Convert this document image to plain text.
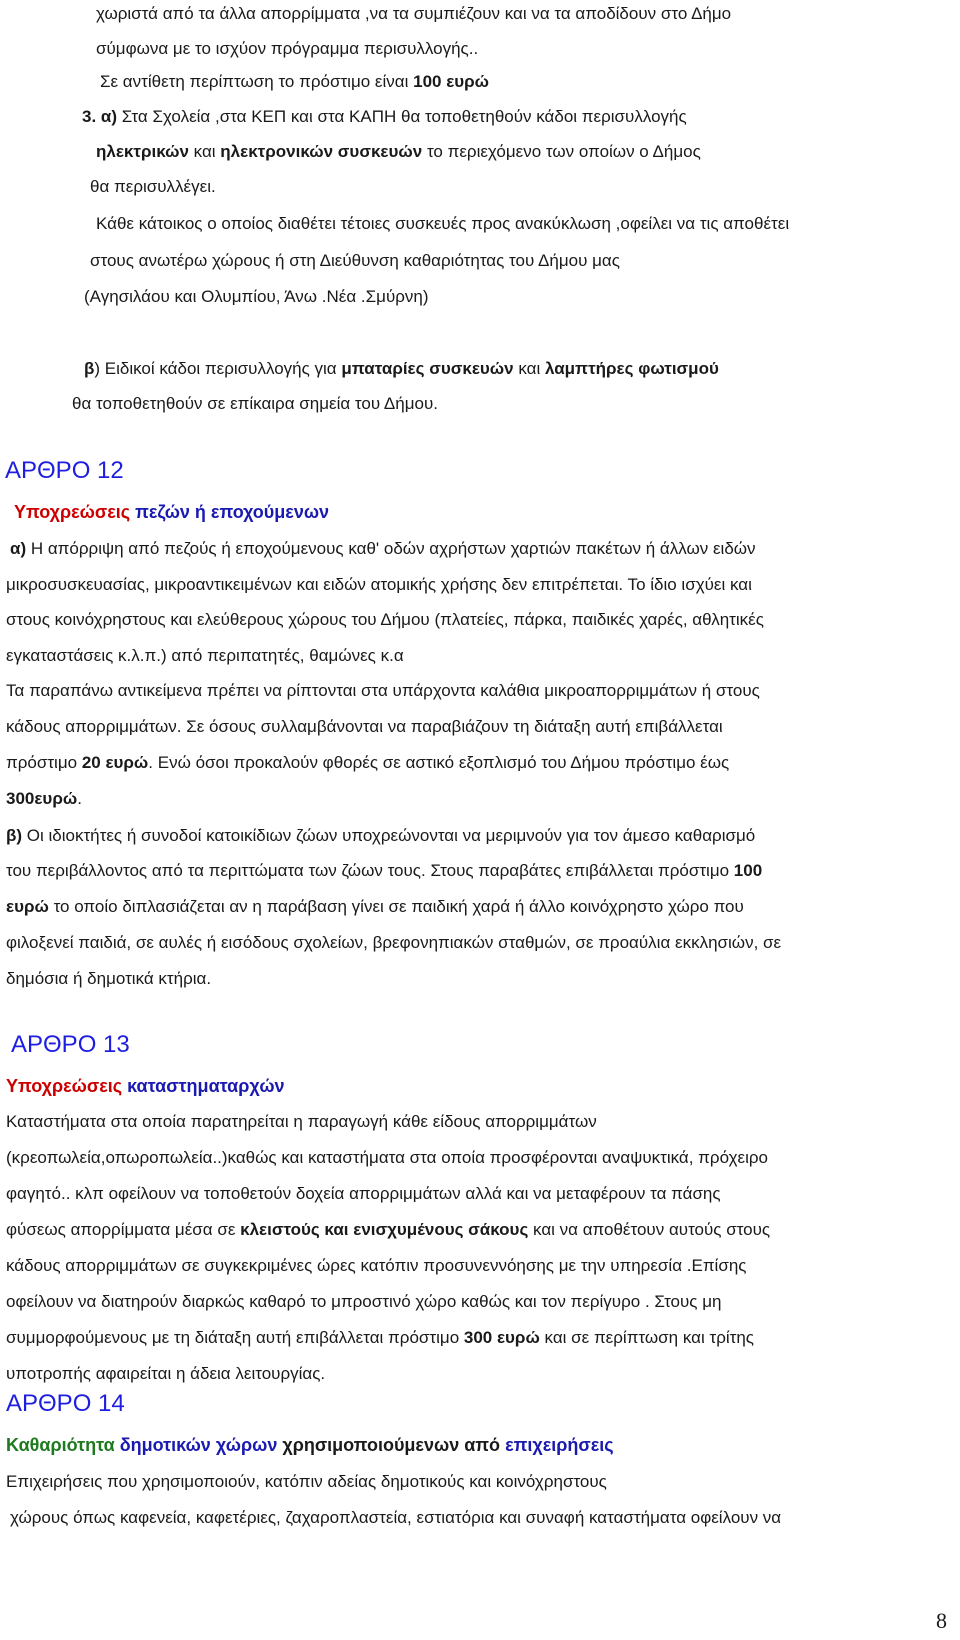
χωριστά από τα άλλα απορρίμματα ,να τα συμπιέζουν και να τα αποδίδουν στο Δήμο
σύμφωνα με το ισχύον πρόγραμμα περισυλλογής..
Σε αντίθετη περίπτωση το πρόστιμο είναι 100 ευρώ
3. α) Στα Σχολεία ,στα ΚΕΠ και στα ΚΑΠΗ θα τοποθετηθούν κάδοι περισυλλογής
ηλεκτρικών και ηλεκτρονικών συσκευών το περιεχόμενο των οποίων ο Δήμος
θα περισυλλέγει.
Κάθε κάτοικος ο οποίος διαθέτει τέτοιες συσκευές προς ανακύκλωση ,οφείλει να τις αποθέτει
στους ανωτέρω χώρους ή στη Διεύθυνση καθαριότητας του Δήμου μας
(Αγησιλάου και Ολυμπίου, Άνω .Νέα .Σμύρνη)
β) Ειδικοί κάδοι περισυλλογής για μπαταρίες συσκευών και λαμπτήρες φωτισμού
θα τοποθετηθούν σε επίκαιρα σημεία του Δήμου.
ΑΡΘΡΟ 12
Υποχρεώσεις πεζών ή εποχούμενων
α) Η απόρριψη από πεζούς ή εποχούμενους καθ' οδών αχρήστων χαρτιών πακέτων ή άλλων ειδών
μικροσυσκευασίας, μικροαντικειμένων και ειδών ατομικής χρήσης δεν επιτρέπεται. Το ίδιο ισχύει και
στους κοινόχρηστους και ελεύθερους χώρους του Δήμου (πλατείες, πάρκα, παιδικές χαρές, αθλητικές
εγκαταστάσεις κ.λ.π.) από περιπατητές, θαμώνες κ.α
Τα παραπάνω αντικείμενα πρέπει να ρίπτονται στα υπάρχοντα καλάθια μικροαπορριμμάτων ή στους
κάδους απορριμμάτων. Σε όσους συλλαμβάνονται να παραβιάζουν τη διάταξη αυτή επιβάλλεται
πρόστιμο 20 ευρώ. Ενώ όσοι προκαλούν φθορές σε αστικό εξοπλισμό του Δήμου πρόστιμο έως
300ευρώ.
β) Οι ιδιοκτήτες ή συνοδοί κατοικίδιων ζώων υποχρεώνονται να μεριμνούν για τον άμεσο καθαρισμό
του περιβάλλοντος από τα περιττώματα των ζώων τους. Στους παραβάτες επιβάλλεται πρόστιμο 100
ευρώ το οποίο διπλασιάζεται αν η παράβαση γίνει σε παιδική χαρά ή άλλο κοινόχρηστο χώρο που
φιλοξενεί παιδιά, σε αυλές ή εισόδους σχολείων, βρεφονηπιακών σταθμών, σε προαύλια εκκλησιών, σε
δημόσια ή δημοτικά κτήρια.
ΑΡΘΡΟ 13
Υποχρεώσεις καταστηματαρχών
Καταστήματα στα οποία παρατηρείται η παραγωγή κάθε είδους απορριμμάτων
(κρεοπωλεία,οπωροπωλεία..)καθώς και καταστήματα στα οποία προσφέρονται αναψυκτικά, πρόχειρο
φαγητό.. κλπ οφείλουν να τοποθετούν δοχεία απορριμμάτων αλλά και να μεταφέρουν τα πάσης
φύσεως απορρίμματα μέσα σε κλειστούς και ενισχυμένους σάκους και να αποθέτουν αυτούς στους
κάδους απορριμμάτων σε συγκεκριμένες ώρες κατόπιν προσυνεννόησης με την υπηρεσία .Επίσης
οφείλουν να διατηρούν διαρκώς καθαρό το μπροστινό χώρο καθώς και τον περίγυρο . Στους μη
συμμορφούμενους με τη διάταξη αυτή επιβάλλεται πρόστιμο 300 ευρώ και σε περίπτωση και τρίτης
υποτροπής αφαιρείται η άδεια λειτουργίας.
ΑΡΘΡΟ 14
Καθαριότητα δημοτικών χώρων χρησιμοποιούμενων από επιχειρήσεις
Επιχειρήσεις που χρησιμοποιούν, κατόπιν αδείας δημοτικούς και κοινόχρηστους
χώρους όπως καφενεία, καφετέριες, ζαχαροπλαστεία, εστιατόρια και συναφή καταστήματα οφείλουν να
8
